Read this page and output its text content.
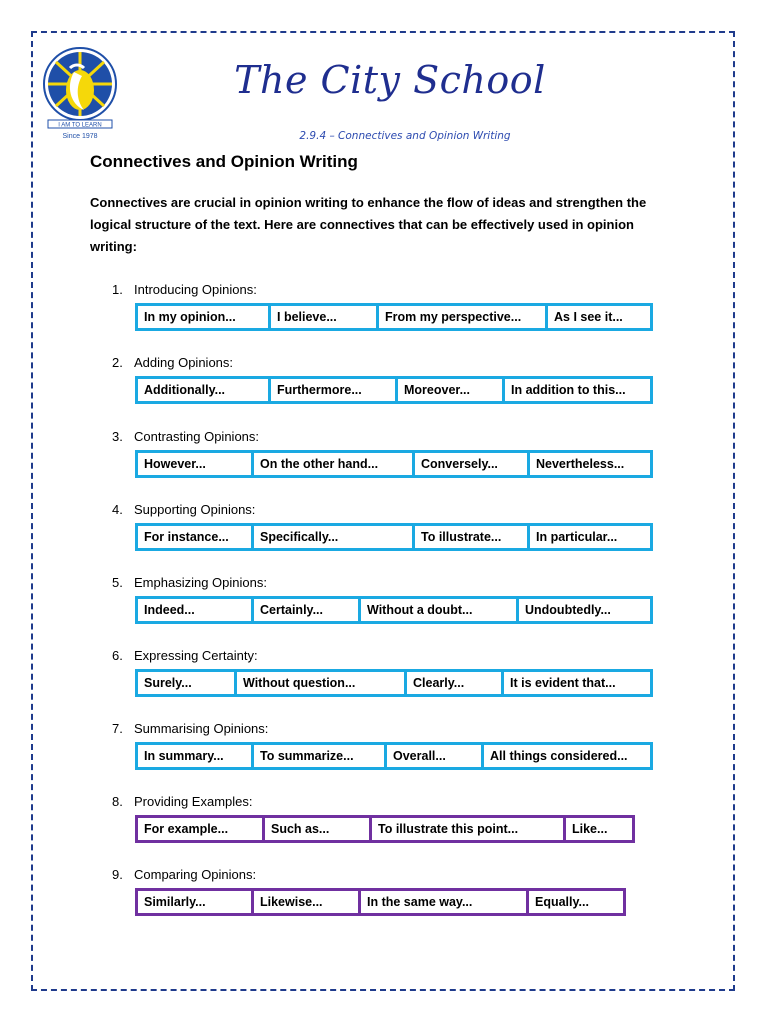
I AM TO LEARN
Since 1978
The City School
2.9.4 – Connectives and Opinion Writing
Connectives and Opinion Writing
Connectives are crucial in opinion writing to enhance the flow of ideas and strengthen the logical structure of the text. Here are connectives that can be effectively used in opinion writing:
1. Introducing Opinions:
In my opinion...	I believe...	From my perspective...	As I see it...
2. Adding Opinions:
Additionally...	Furthermore...	Moreover...	In addition to this...
3. Contrasting Opinions:
However...	On the other hand...	Conversely...	Nevertheless...
4. Supporting Opinions:
For instance...	Specifically...	To illustrate...	In particular...
5. Emphasizing Opinions:
Indeed...	Certainly...	Without a doubt...	Undoubtedly...
6. Expressing Certainty:
Surely...	Without question...	Clearly...	It is evident that...
7. Summarising Opinions:
In summary...	To summarize...	Overall...	All things considered...
8. Providing Examples:
For example...	Such as...	To illustrate this point...	Like...
9. Comparing Opinions:
Similarly...	Likewise...	In the same way...	Equally...
